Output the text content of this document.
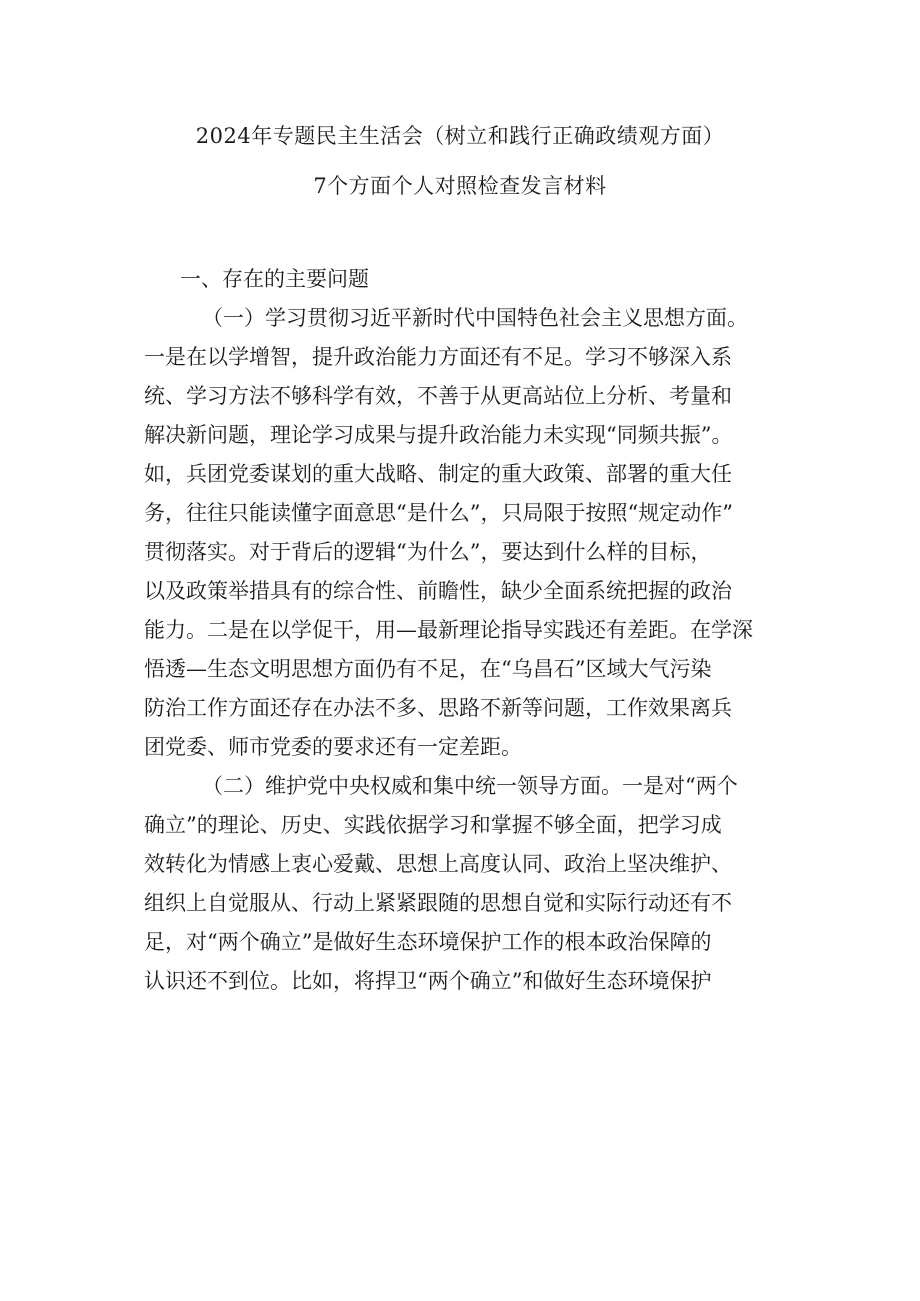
2024年专题民主生活会（树立和践行正确政绩观方面）
7个方面个人对照检查发言材料
一、存在的主要问题
（一）学习贯彻习近平新时代中国特色社会主义思想方面。
一是在以学增智，提升政治能力方面还有不足。学习不够深入系
统、学习方法不够科学有效，不善于从更高站位上分析、考量和
解决新问题，理论学习成果与提升政治能力未实现“同频共振”。
如，兵团党委谋划的重大战略、制定的重大政策、部署的重大任
务，往往只能读懂字面意思“是什么”，只局限于按照“规定动作”
贯彻落实。对于背后的逻辑“为什么”，要达到什么样的目标，
以及政策举措具有的综合性、前瞻性，缺少全面系统把握的政治
能力。二是在以学促干，用—最新理论指导实践还有差距。在学深
悟透—生态文明思想方面仍有不足，在“乌昌石”区域大气污染
防治工作方面还存在办法不多、思路不新等问题，工作效果离兵
团党委、师市党委的要求还有一定差距。
（二）维护党中央权威和集中统一领导方面。一是对“两个
确立”的理论、历史、实践依据学习和掌握不够全面，把学习成
效转化为情感上衷心爱戴、思想上高度认同、政治上坚决维护、
组织上自觉服从、行动上紧紧跟随的思想自觉和实际行动还有不
足，对“两个确立”是做好生态环境保护工作的根本政治保障的
认识还不到位。比如，将捍卫“两个确立”和做好生态环境保护
